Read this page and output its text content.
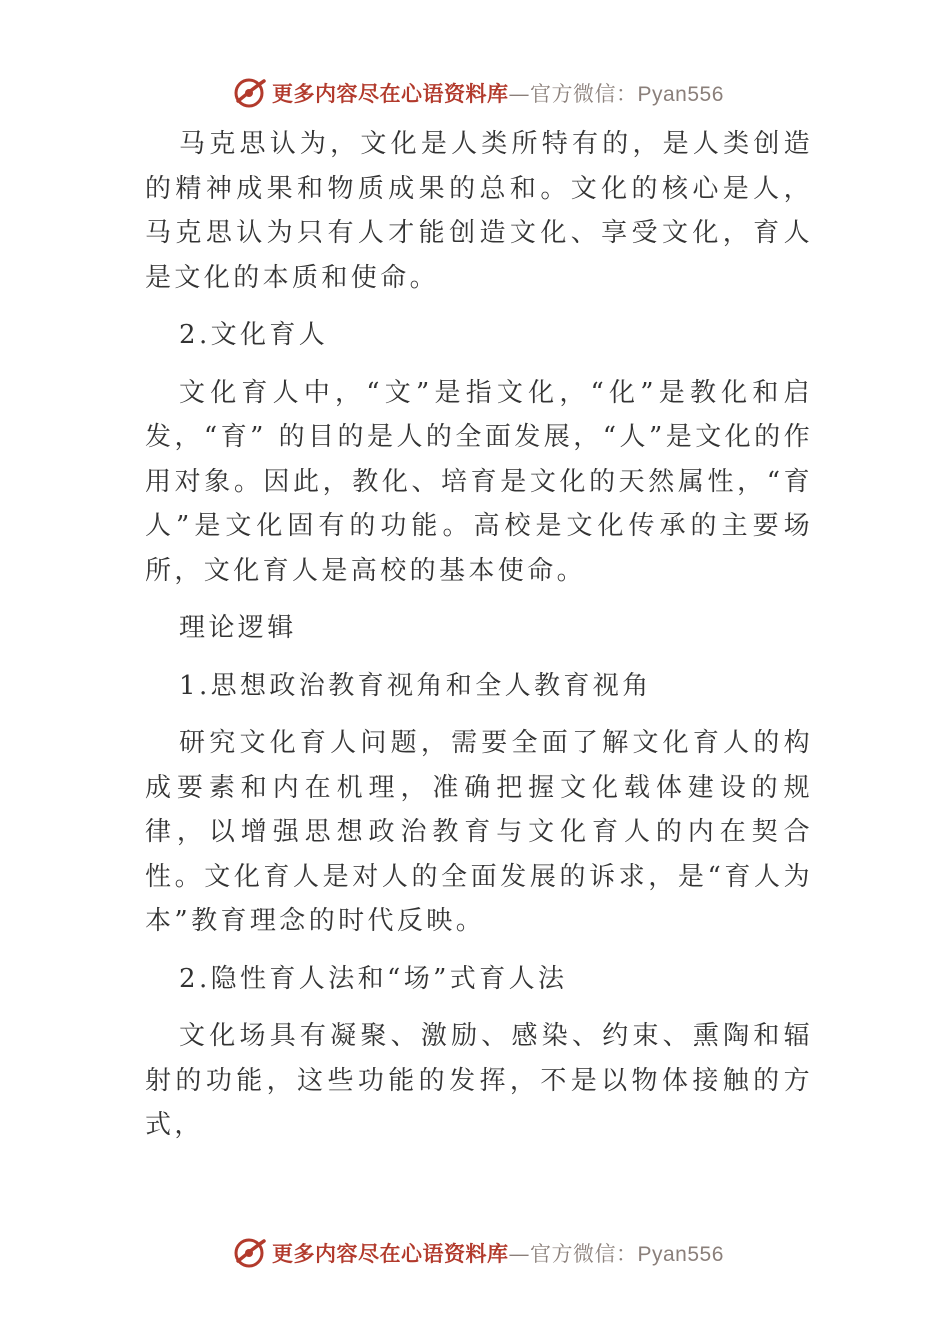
更多内容尽在心语资料库—官方微信：Pyan556

马克思认为，文化是人类所特有的，是人类创造的精神成果和物质成果的总和。文化的核心是人，马克思认为只有人才能创造文化、享受文化，育人是文化的本质和使命。

2.文化育人

文化育人中，“文”是指文化，“化”是教化和启发，“育” 的目的是人的全面发展，“人”是文化的作用对象。因此，教化、培育是文化的天然属性，“育人”是文化固有的功能。高校是文化传承的主要场所，文化育人是高校的基本使命。

理论逻辑

1.思想政治教育视角和全人教育视角

研究文化育人问题，需要全面了解文化育人的构成要素和内在机理，准确把握文化载体建设的规律，以增强思想政治教育与文化育人的内在契合性。文化育人是对人的全面发展的诉求，是“育人为本”教育理念的时代反映。

2.隐性育人法和“场”式育人法

文化场具有凝聚、激励、感染、约束、熏陶和辐射的功能，这些功能的发挥，不是以物体接触的方式，

更多内容尽在心语资料库—官方微信：Pyan556
